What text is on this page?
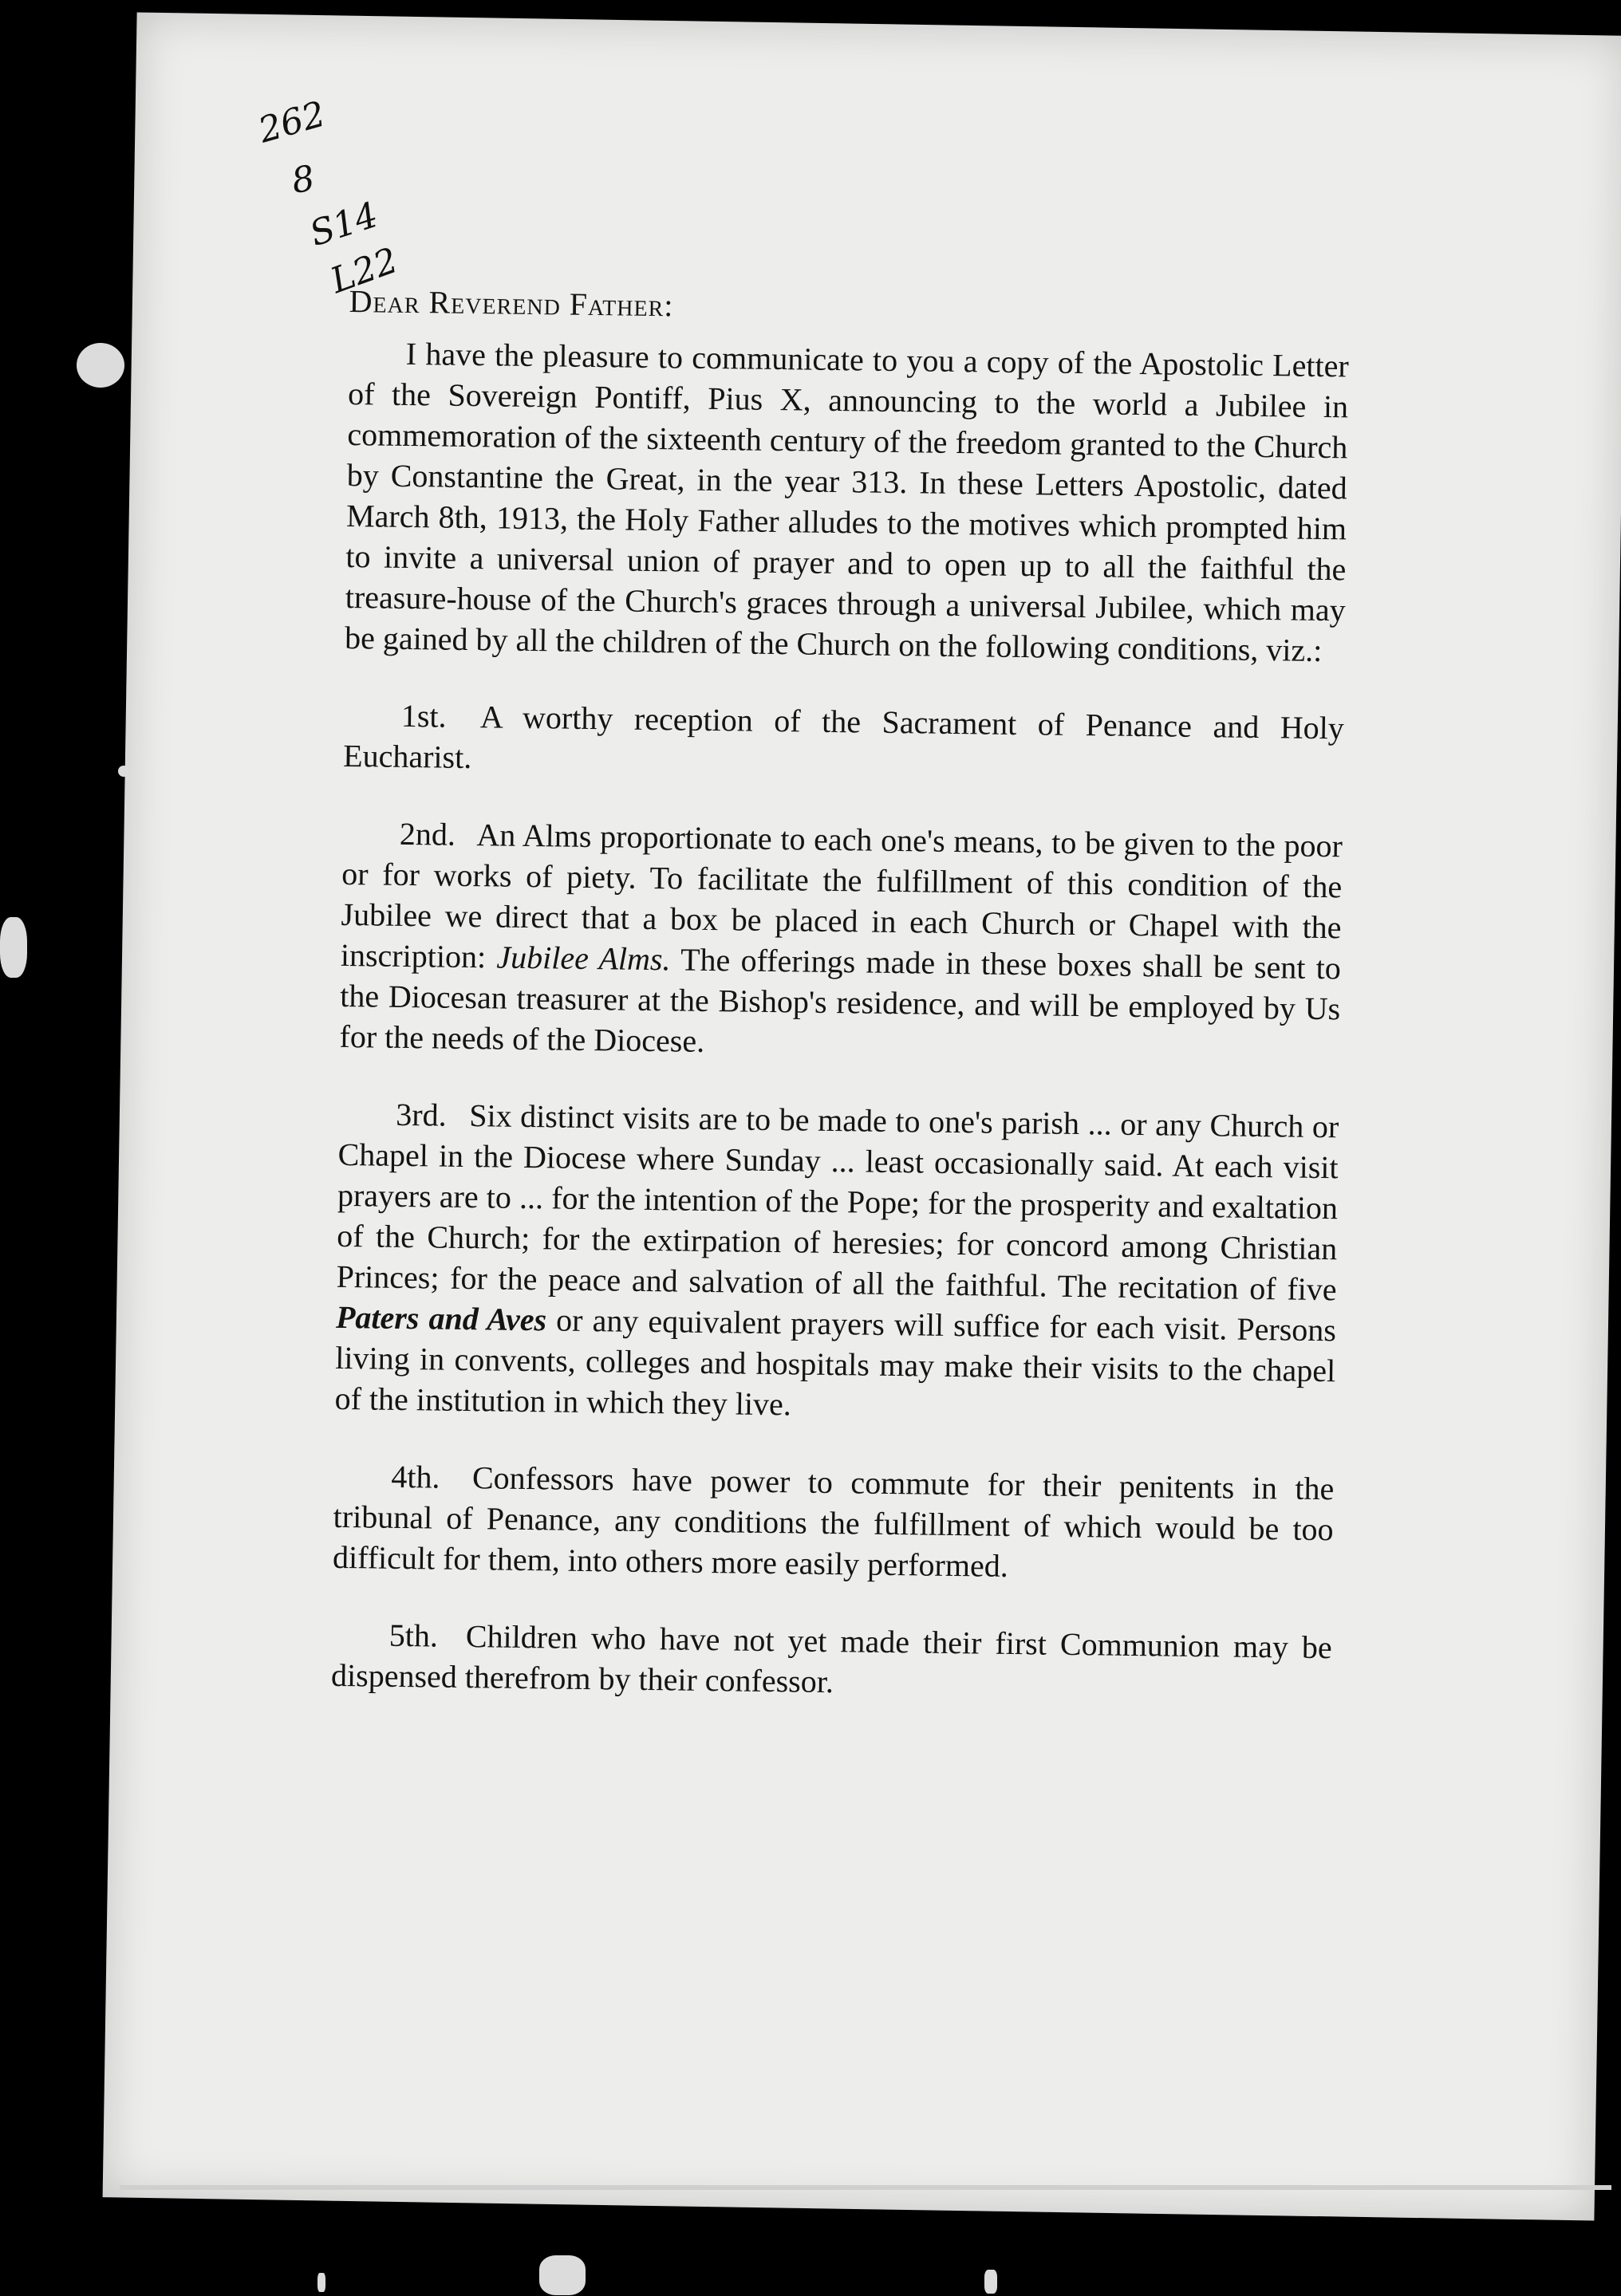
262
8
S14
L22

Dear Reverend Father:

I have the pleasure to communicate to you a copy of the Apostolic Letter of the Sovereign Pontiff, Pius X, announcing to the world a Jubilee in commemoration of the sixteenth century of the freedom granted to the Church by Constantine the Great, in the year 313. In these Letters Apostolic, dated March 8th, 1913, the Holy Father alludes to the motives which prompted him to invite a universal union of prayer and to open up to all the faithful the treasure-house of the Church's graces through a universal Jubilee, which may be gained by all the children of the Church on the following conditions, viz.:

1st. A worthy reception of the Sacrament of Penance and Holy Eucharist.

2nd. An Alms proportionate to each one's means, to be given to the poor or for works of piety. To facilitate the fulfillment of this condition of the Jubilee we direct that a box be placed in each Church or Chapel with the inscription: Jubilee Alms. The offerings made in these boxes shall be sent to the Diocesan treasurer at the Bishop's residence, and will be employed by Us for the needs of the Diocese.

3rd. Six distinct visits are to be made to one's parish ... or any Church or Chapel in the Diocese where Sunday ... least occasionally said. At each visit prayers are to ... for the intention of the Pope; for the prosperity and exaltation of the Church; for the extirpation of heresies; for concord among Christian Princes; for the peace and salvation of all the faithful. The recitation of five Paters and Aves or any equivalent prayers will suffice for each visit. Persons living in convents, colleges and hospitals may make their visits to the chapel of the institution in which they live.

4th. Confessors have power to commute for their penitents in the tribunal of Penance, any conditions the fulfillment of which would be too difficult for them, into others more easily performed.

5th. Children who have not yet made their first Communion may be dispensed therefrom by their confessor.
